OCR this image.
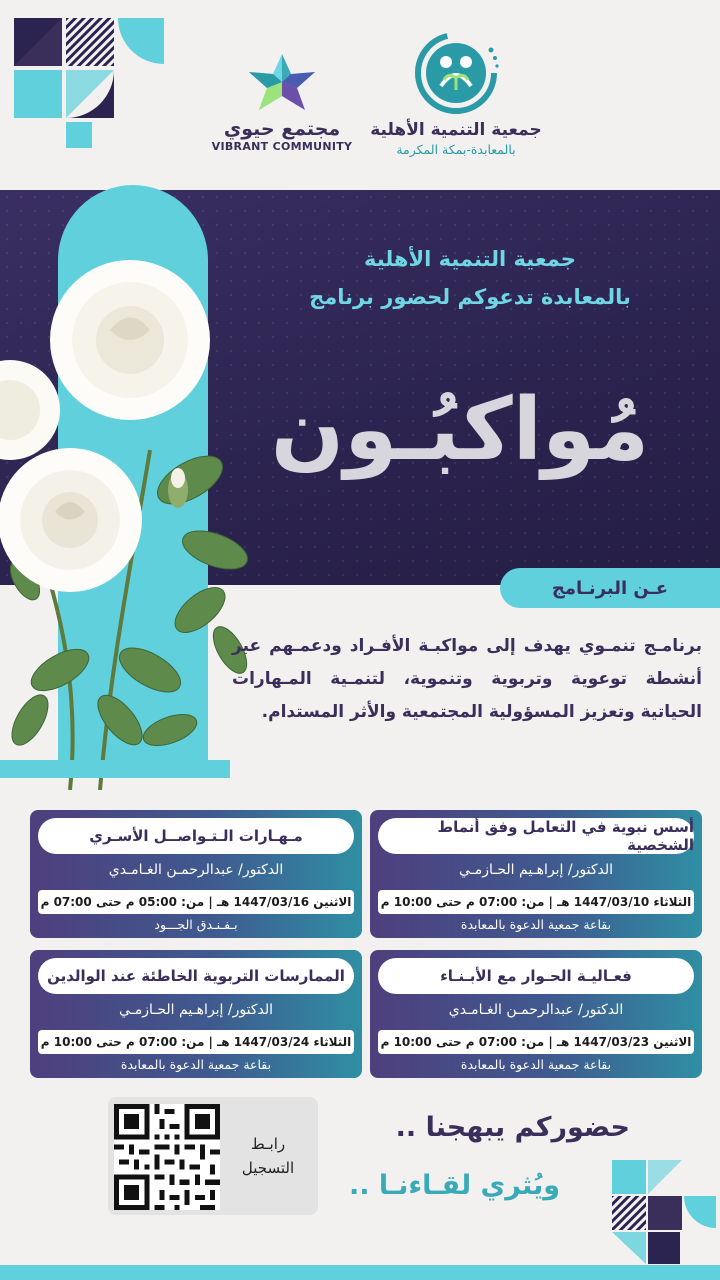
جمعية التنمية الأهلية
بالمعابدة-بمكة المكرمة
مجتمع حيوي
VIBRANT COMMUNITY
جمعية التنمية الأهلية
بالمعابدة تدعوكم لحضور برنامج
مُواكبُـون
عـن البرنـامج
برنامـج تنمـوي يهدف إلى مواكبـة الأفـراد ودعمـهم عبر أنشطة توعوية وتربوية وتنموية، لتنمـية المـهارات الحياتية وتعزيز المسؤولية المجتمعية والأثر المستدام.
أسس نبوية في التعامل وفق أنماط الشخصية
الدكتور/ إبراهـيم الحـازمـي
الثلاثاء 1447/03/10 هـ | من: 07:00 م حتى 10:00 م
بقاعة جمعية الدعوة بالمعابدة
مـهـارات الـتـواصــل الأسـري
الدكتور/ عبدالرحمـن الغـامـدي
الاثنين 1447/03/16 هـ | من: 05:00 م حتى 07:00 م
بـفـنـدق الجـــود
فعـاليـة الحـوار مع الأبـنـاء
الدكتور/ عبدالرحمـن الغـامـدي
الاثنين 1447/03/23 هـ | من: 07:00 م حتى 10:00 م
بقاعة جمعية الدعوة بالمعابدة
الممارسات التربوية الخاطئة عند الوالدين
الدكتور/ إبراهـيم الحـازمـي
الثلاثاء 1447/03/24 هـ | من: 07:00 م حتى 10:00 م
بقاعة جمعية الدعوة بالمعابدة
رابـط
التسجيل
حضوركم يبهجنا ..
ويُثري لقـاءنـا ..
